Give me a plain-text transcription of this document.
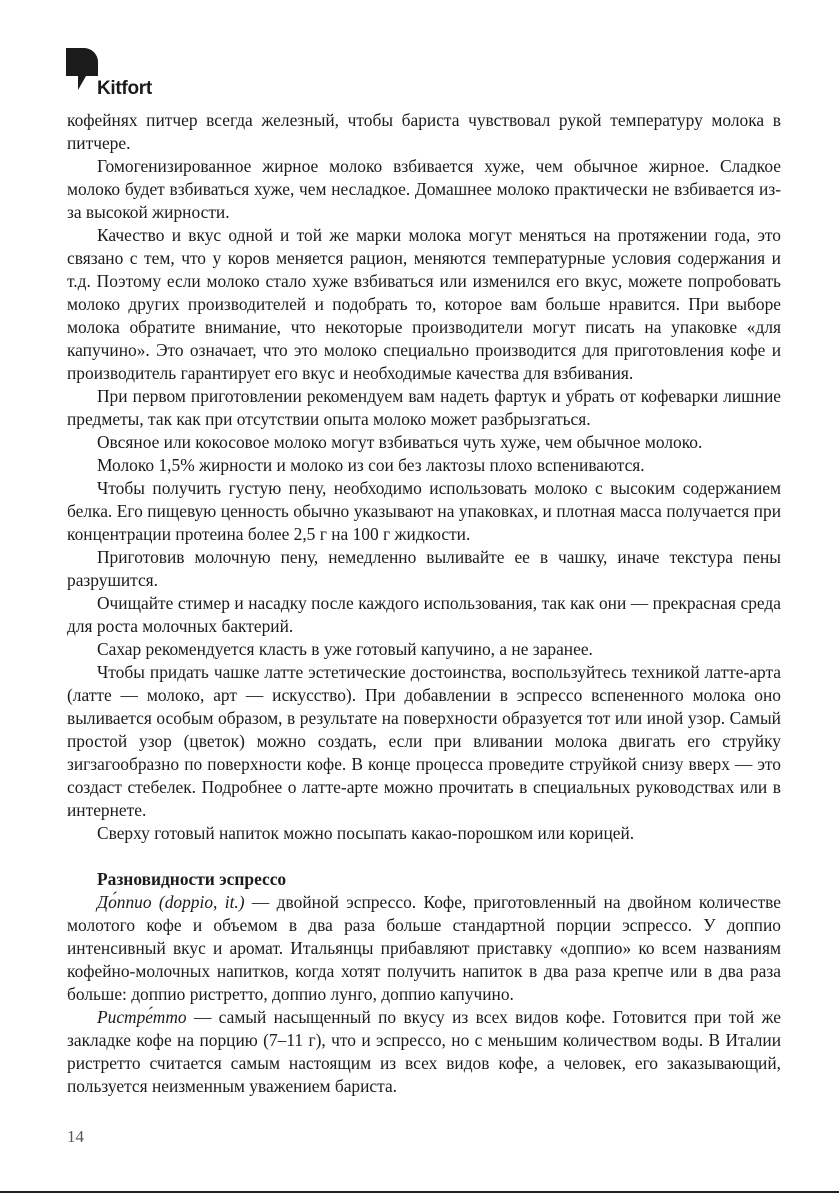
Kitfort

кофейнях питчер всегда железный, чтобы бариста чувствовал рукой температуру молока в питчере.

Гомогенизированное жирное молоко взбивается хуже, чем обычное жирное. Сладкое молоко будет взбиваться хуже, чем несладкое. Домашнее молоко практически не взбивается из-за высокой жирности.

Качество и вкус одной и той же марки молока могут меняться на протяжении года, это связано с тем, что у коров меняется рацион, меняются температурные условия содержания и т.д. Поэтому если молоко стало хуже взбиваться или изменился его вкус, можете попробовать молоко других производителей и подобрать то, которое вам больше нравится. При выборе молока обратите внимание, что некоторые производители могут писать на упаковке «для капучино». Это означает, что это молоко специально производится для приготовления кофе и производитель гарантирует его вкус и необходимые качества для взбивания.

При первом приготовлении рекомендуем вам надеть фартук и убрать от кофеварки лишние предметы, так как при отсутствии опыта молоко может разбрызгаться.

Овсяное или кокосовое молоко могут взбиваться чуть хуже, чем обычное молоко.

Молоко 1,5% жирности и молоко из сои без лактозы плохо вспениваются.

Чтобы получить густую пену, необходимо использовать молоко с высоким содержанием белка. Его пищевую ценность обычно указывают на упаковках, и плотная масса получается при концентрации протеина более 2,5 г на 100 г жидкости.

Приготовив молочную пену, немедленно выливайте ее в чашку, иначе текстура пены разрушится.

Очищайте стимер и насадку после каждого использования, так как они — прекрасная среда для роста молочных бактерий.

Сахар рекомендуется класть в уже готовый капучино, а не заранее.

Чтобы придать чашке латте эстетические достоинства, воспользуйтесь техникой латте-арта (латте — молоко, арт — искусство). При добавлении в эспрессо вспененного молока оно выливается особым образом, в результате на поверхности образуется тот или иной узор. Самый простой узор (цветок) можно создать, если при вливании молока двигать его струйку зигзагообразно по поверхности кофе. В конце процесса проведите струйкой снизу вверх — это создаст стебелек. Подробнее о латте-арте можно прочитать в специальных руководствах или в интернете.

Сверху готовый напиток можно посыпать какао-порошком или корицей.

Разновидности эспрессо

До́ппио (doppio, it.) — двойной эспрессо. Кофе, приготовленный на двойном количестве молотого кофе и объемом в два раза больше стандартной порции эспрессо. У доппио интенсивный вкус и аромат. Итальянцы прибавляют приставку «доппио» ко всем названиям кофейно-молочных напитков, когда хотят получить напиток в два раза крепче или в два раза больше: доппио ристретто, доппио лунго, доппио капучино.

Ристре́тто — самый насыщенный по вкусу из всех видов кофе. Готовится при той же закладке кофе на порцию (7–11 г), что и эспрессо, но с меньшим количеством воды. В Италии ристретто считается самым настоящим из всех видов кофе, а человек, его заказывающий, пользуется неизменным уважением бариста.

14
